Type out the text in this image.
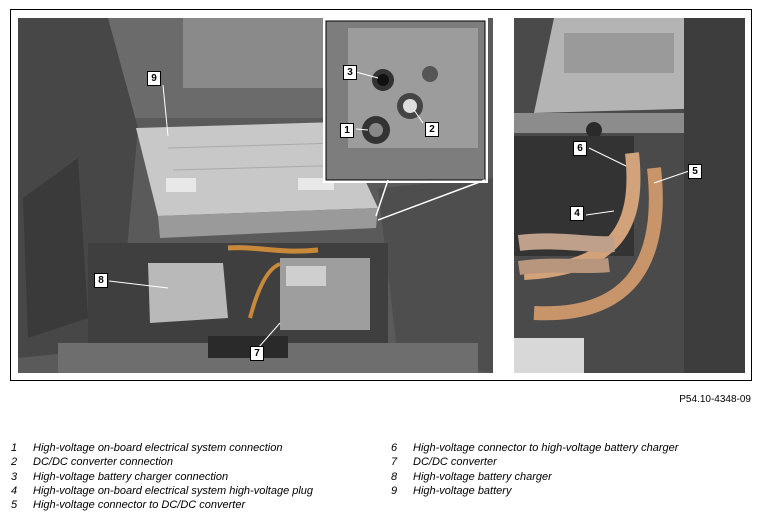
9
3
1	2
8
7
6
5
4
P54.10-4348-09
1	High-voltage on-board electrical system connection
2	DC/DC converter connection
3	High-voltage battery charger connection
4	High-voltage on-board electrical system high-voltage plug
5	High-voltage connector to DC/DC converter
6	High-voltage connector to high-voltage battery charger
7	DC/DC converter
8	High-voltage battery charger
9	High-voltage battery
